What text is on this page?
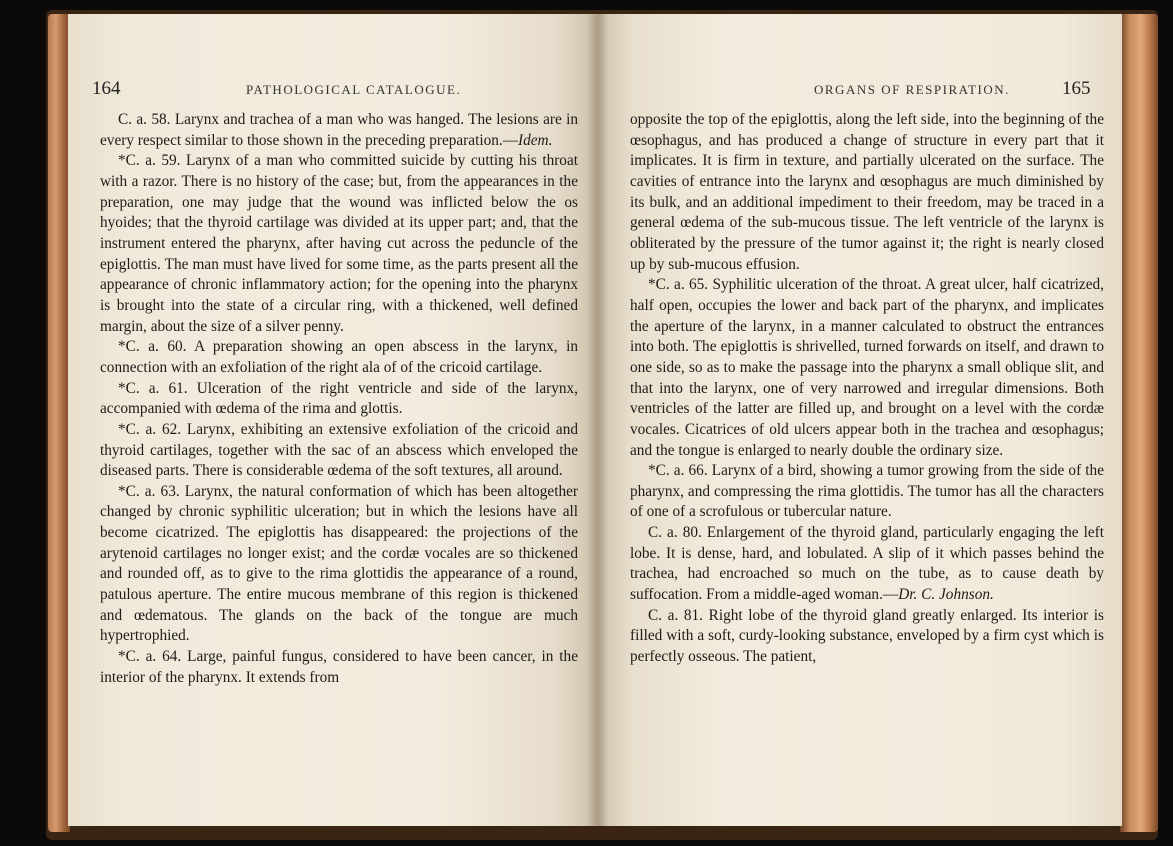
164	PATHOLOGICAL CATALOGUE.

C. a. 58. Larynx and trachea of a man who was hanged. The lesions are in every respect similar to those shown in the preceding preparation.—Idem.

*C. a. 59. Larynx of a man who committed suicide by cutting his throat with a razor. There is no history of the case; but, from the appearances in the preparation, one may judge that the wound was inflicted below the os hyoides; that the thyroid cartilage was divided at its upper part; and, that the instrument entered the pharynx, after having cut across the peduncle of the epiglottis. The man must have lived for some time, as the parts present all the appearance of chronic inflammatory action; for the opening into the pharynx is brought into the state of a circular ring, with a thickened, well defined margin, about the size of a silver penny.

*C. a. 60. A preparation showing an open abscess in the larynx, in connection with an exfoliation of the right ala of of the cricoid cartilage.

*C. a. 61. Ulceration of the right ventricle and side of the larynx, accompanied with œdema of the rima and glottis.

*C. a. 62. Larynx, exhibiting an extensive exfoliation of the cricoid and thyroid cartilages, together with the sac of an abscess which enveloped the diseased parts. There is considerable œdema of the soft textures, all around.

*C. a. 63. Larynx, the natural conformation of which has been altogether changed by chronic syphilitic ulceration; but in which the lesions have all become cicatrized. The epiglottis has disappeared: the projections of the arytenoid cartilages no longer exist; and the cordæ vocales are so thickened and rounded off, as to give to the rima glottidis the appearance of a round, patulous aperture. The entire mucous membrane of this region is thickened and œdematous. The glands on the back of the tongue are much hypertrophied.

*C. a. 64. Large, painful fungus, considered to have been cancer, in the interior of the pharynx. It extends from

ORGANS OF RESPIRATION.	165

opposite the top of the epiglottis, along the left side, into the beginning of the œsophagus, and has produced a change of structure in every part that it implicates. It is firm in texture, and partially ulcerated on the surface. The cavities of entrance into the larynx and œsophagus are much diminished by its bulk, and an additional impediment to their freedom, may be traced in a general œdema of the sub-mucous tissue. The left ventricle of the larynx is obliterated by the pressure of the tumor against it; the right is nearly closed up by sub-mucous effusion.

*C. a. 65. Syphilitic ulceration of the throat. A great ulcer, half cicatrized, half open, occupies the lower and back part of the pharynx, and implicates the aperture of the larynx, in a manner calculated to obstruct the entrances into both. The epiglottis is shrivelled, turned forwards on itself, and drawn to one side, so as to make the passage into the pharynx a small oblique slit, and that into the larynx, one of very narrowed and irregular dimensions. Both ventricles of the latter are filled up, and brought on a level with the cordæ vocales. Cicatrices of old ulcers appear both in the trachea and œsophagus; and the tongue is enlarged to nearly double the ordinary size.

*C. a. 66. Larynx of a bird, showing a tumor growing from the side of the pharynx, and compressing the rima glottidis. The tumor has all the characters of one of a scrofulous or tubercular nature.

C. a. 80. Enlargement of the thyroid gland, particularly engaging the left lobe. It is dense, hard, and lobulated. A slip of it which passes behind the trachea, had encroached so much on the tube, as to cause death by suffocation. From a middle-aged woman.—Dr. C. Johnson.

C. a. 81. Right lobe of the thyroid gland greatly enlarged. Its interior is filled with a soft, curdy-looking substance, enveloped by a firm cyst which is perfectly osseous. The patient,
